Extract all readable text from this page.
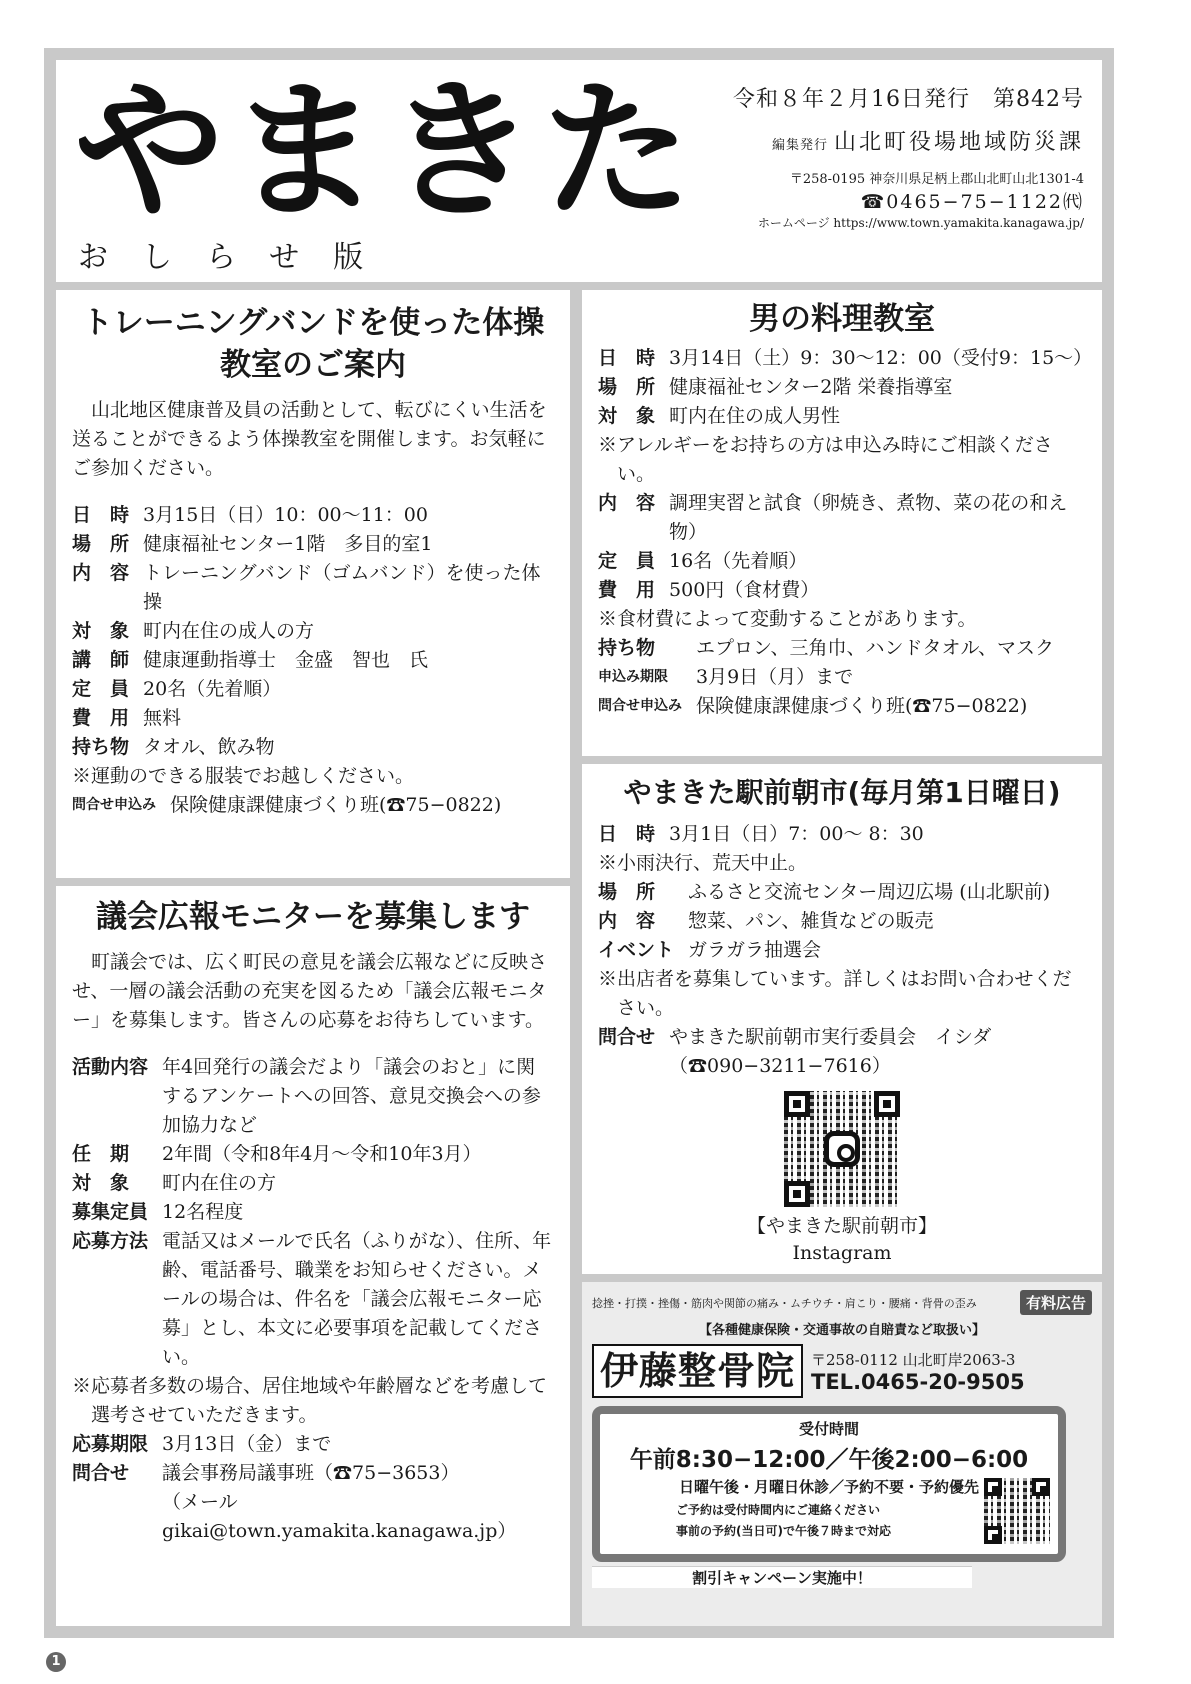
やまきた
おしらせ版
令和８年２月16日発行　第842号
編集発行 山北町役場地域防災課
〒258-0195 神奈川県足柄上郡山北町山北1301-4
☎0465−75−1122㈹
ホームページ https://www.town.yamakita.kanagawa.jp/
トレーニングバンドを使った体操教室のご案内
山北地区健康普及員の活動として、転びにくい生活を送ることができるよう体操教室を開催します。お気軽にご参加ください。
日　時	3月15日（日）10：00～11：00
場　所	健康福祉センター1階　多目的室1
内　容	トレーニングバンド（ゴムバンド）を使った体操
対　象	町内在住の成人の方
講　師	健康運動指導士　金盛　智也　氏
定　員	20名（先着順）
費　用	無料
持ち物	タオル、飲み物
※運動のできる服装でお越しください。
問合せ申込み	保険健康課健康づくり班(☎75−0822)
議会広報モニターを募集します
町議会では、広く町民の意見を議会広報などに反映させ、一層の議会活動の充実を図るため「議会広報モニター」を募集します。皆さんの応募をお待ちしています。
活動内容	年4回発行の議会だより「議会のおと」に関するアンケートへの回答、意見交換会への参加協力など
任　期	2年間（令和8年4月～令和10年3月）
対　象	町内在住の方
募集定員	12名程度
応募方法	電話又はメールで氏名（ふりがな）、住所、年齢、電話番号、職業をお知らせください。メールの場合は、件名を「議会広報モニター応募」とし、本文に必要事項を記載してください。
※応募者多数の場合、居住地域や年齢層などを考慮して選考させていただきます。
応募期限	3月13日（金）まで
問合せ	議会事務局議事班（☎75−3653）
	（メール　gikai@town.yamakita.kanagawa.jp）
男の料理教室
日　時	3月14日（土）9：30～12：00（受付9：15～）
場　所	健康福祉センター2階 栄養指導室
対　象	町内在住の成人男性
※アレルギーをお持ちの方は申込み時にご相談ください。
内　容	調理実習と試食（卵焼き、煮物、菜の花の和え物）
定　員	16名（先着順）
費　用	500円（食材費）
※食材費によって変動することがあります。
持ち物	エプロン、三角巾、ハンドタオル、マスク
申込み期限	3月9日（月）まで
問合せ申込み	保険健康課健康づくり班(☎75−0822)
やまきた駅前朝市(毎月第1日曜日)
日　時	3月1日（日）7：00～ 8：30
※小雨決行、荒天中止。
場　所	ふるさと交流センター周辺広場 (山北駅前)
内　容	惣菜、パン、雑貨などの販売
イベント	ガラガラ抽選会
※出店者を募集しています。詳しくはお問い合わせください。
問合せ	やまきた駅前朝市実行委員会　イシダ（☎090−3211−7616）
【やまきた駅前朝市】
Instagram
捻挫・打撲・挫傷・筋肉や関節の痛み・ムチウチ・肩こり・腰痛・背骨の歪み	有料広告
【各種健康保険・交通事故の自賠責など取扱い】
伊藤整骨院	〒258-0112 山北町岸2063-3
TEL.0465-20-9505
受付時間
午前8:30−12:00／午後2:00−6:00
日曜午後・月曜日休診／予約不要・予約優先
ご予約は受付時間内にご連絡ください
事前の予約(当日可)で午後７時まで対応
割引キャンペーン実施中！
1
